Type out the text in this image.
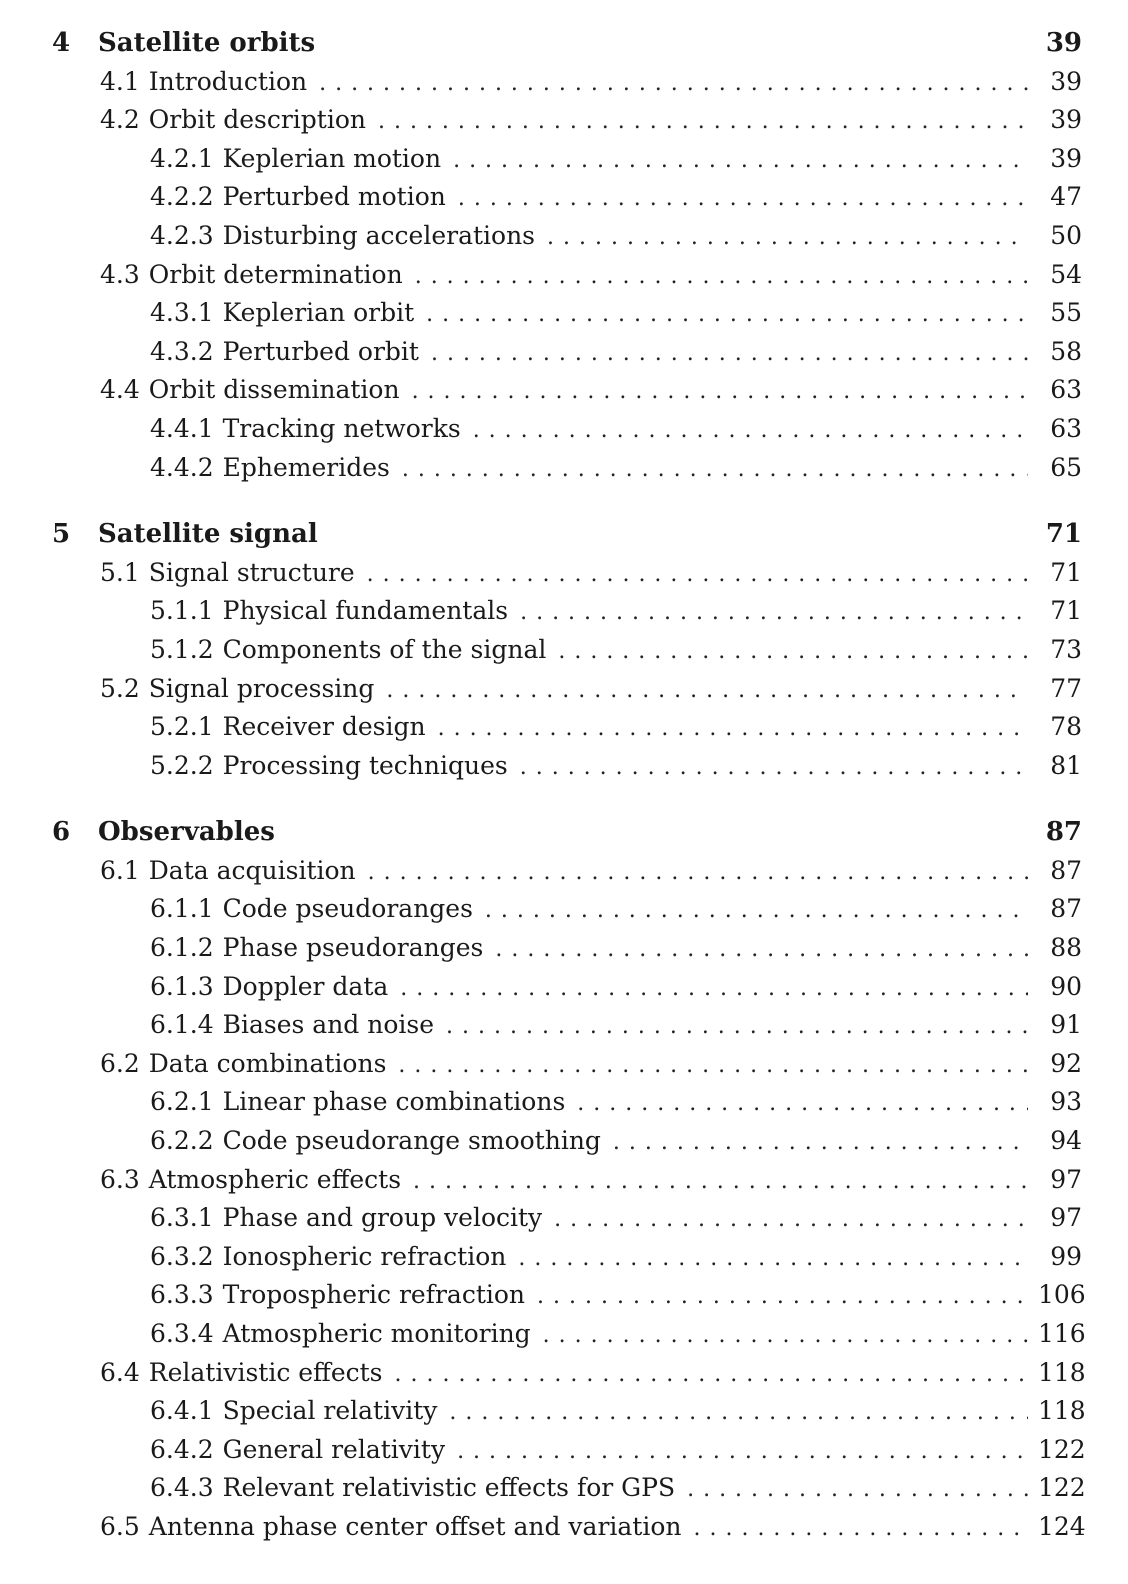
4	Satellite orbits	39
4.1 Introduction . . .	39
4.2 Orbit description . . .	39
4.2.1 Keplerian motion . . .	39
4.2.2 Perturbed motion . . .	47
4.2.3 Disturbing accelerations . . .	50
4.3 Orbit determination . . .	54
4.3.1 Keplerian orbit . . .	55
4.3.2 Perturbed orbit . . .	58
4.4 Orbit dissemination . . .	63
4.4.1 Tracking networks . . .	63
4.4.2 Ephemerides . . .	65
5	Satellite signal	71
5.1 Signal structure . . .	71
5.1.1 Physical fundamentals . . .	71
5.1.2 Components of the signal . . .	73
5.2 Signal processing . . .	77
5.2.1 Receiver design . . .	78
5.2.2 Processing techniques . . .	81
6	Observables	87
6.1 Data acquisition . . .	87
6.1.1 Code pseudoranges . . .	87
6.1.2 Phase pseudoranges . . .	88
6.1.3 Doppler data . . .	90
6.1.4 Biases and noise . . .	91
6.2 Data combinations . . .	92
6.2.1 Linear phase combinations . . .	93
6.2.2 Code pseudorange smoothing . . .	94
6.3 Atmospheric effects . . .	97
6.3.1 Phase and group velocity . . .	97
6.3.2 Ionospheric refraction . . .	99
6.3.3 Tropospheric refraction . . .	106
6.3.4 Atmospheric monitoring . . .	116
6.4 Relativistic effects . . .	118
6.4.1 Special relativity . . .	118
6.4.2 General relativity . . .	122
6.4.3 Relevant relativistic effects for GPS . . .	122
6.5 Antenna phase center offset and variation . . .	124
